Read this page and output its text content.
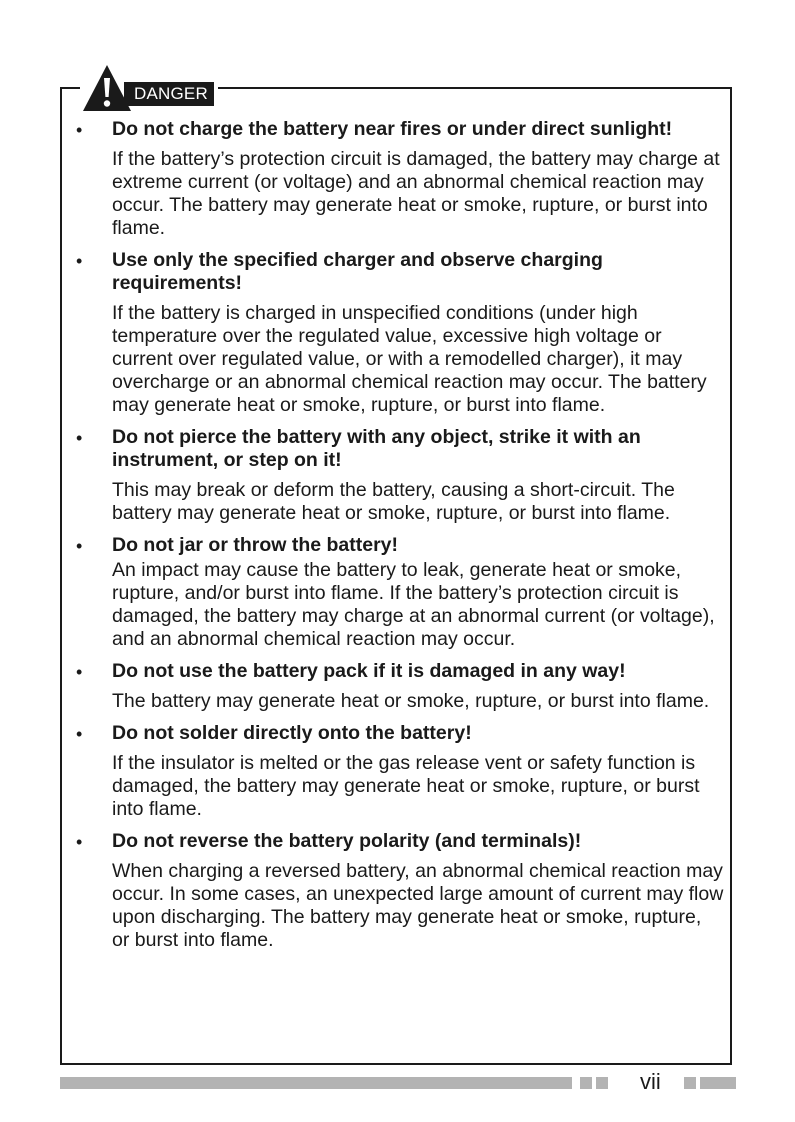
DANGER
• Do not charge the battery near fires or under direct sunlight!

If the battery’s protection circuit is damaged, the battery may charge at extreme current (or voltage) and an abnormal chemical reaction may occur. The battery may generate heat or smoke, rupture, or burst into flame.

• Use only the specified charger and observe charging requirements!

If the battery is charged in unspecified conditions (under high temperature over the regulated value, excessive high voltage or current over regulated value, or with a remodelled charger), it may overcharge or an abnormal chemical reaction may occur. The battery may generate heat or smoke, rupture, or burst into flame.

• Do not pierce the battery with any object, strike it with an instrument, or step on it!

This may break or deform the battery, causing a short-circuit. The battery may generate heat or smoke, rupture, or burst into flame.

• Do not jar or throw the battery!

An impact may cause the battery to leak, generate heat or smoke, rupture, and/or burst into flame. If the battery’s protection circuit is damaged, the battery may charge at an abnormal current (or voltage), and an abnormal chemical reaction may occur.

• Do not use the battery pack if it is damaged in any way!

The battery may generate heat or smoke, rupture, or burst into flame.

• Do not solder directly onto the battery!

If the insulator is melted or the gas release vent or safety function is damaged, the battery may generate heat or smoke, rupture, or burst into flame.

• Do not reverse the battery polarity (and terminals)!

When charging a reversed battery, an abnormal chemical reaction may occur. In some cases, an unexpected large amount of current may flow upon discharging. The battery may generate heat or smoke, rupture, or burst into flame.

vii
